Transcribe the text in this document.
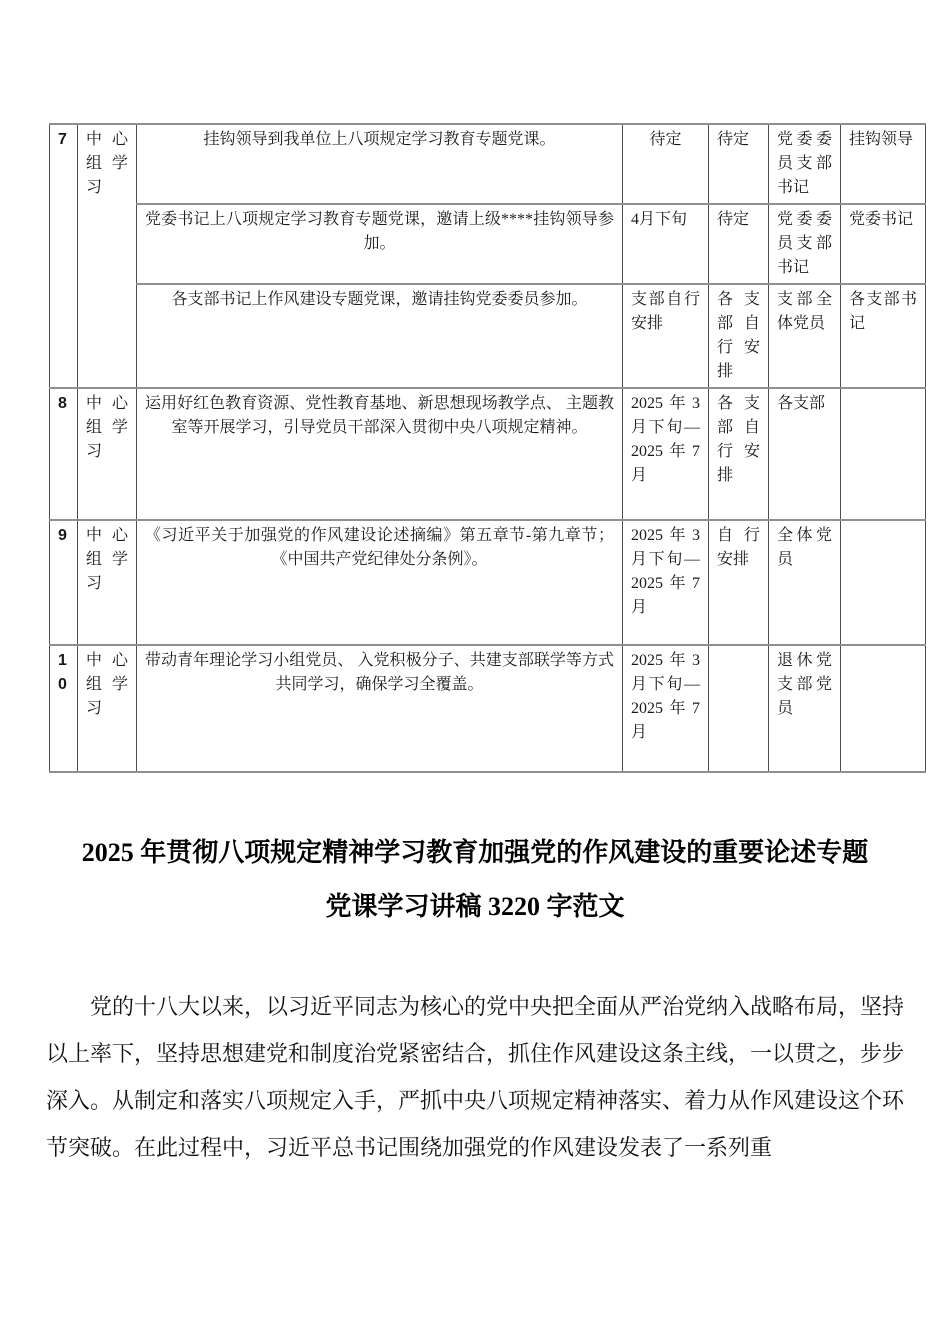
7	中心组学习	挂钩领导到我单位上八项规定学习教育专题党课。	待定	待定	党委委员支部书记	挂钩领导
		党委书记上八项规定学习教育专题党课，邀请上级****挂钩领导参加。	4月下旬	待定	党委委员支部书记	党委书记
		各支部书记上作风建设专题党课，邀请挂钩党委委员参加。	支部自行安排	各支部自行安排	支部全体党员	各支部书记
8	中心组学习	运用好红色教育资源、党性教育基地、新思想现场教学点、 主题教室等开展学习，引导党员干部深入贯彻中央八项规定精神。	2025年3月下旬—2025年7月	各支部自行安排	各支部	
9	中心组学习	《习近平关于加强党的作风建设论述摘编》第五章节-第九章节； 《中国共产党纪律处分条例》。	2025年3月下旬—2025年7月	自行安排	全体党员	
10	中心组学习	带动青年理论学习小组党员、 入党积极分子、共建支部联学等方式共同学习，确保学习全覆盖。	2025年3月下旬—2025年7月		退休党支部党员	
2025 年贯彻八项规定精神学习教育加强党的作风建设的重要论述专题党课学习讲稿 3220 字范文
党的十八大以来，以习近平同志为核心的党中央把全面从严治党纳入战略布局，坚持以上率下，坚持思想建党和制度治党紧密结合，抓住作风建设这条主线，一以贯之，步步深入。从制定和落实八项规定入手，严抓中央八项规定精神落实、着力从作风建设这个环节突破。在此过程中，习近平总书记围绕加强党的作风建设发表了一系列重
